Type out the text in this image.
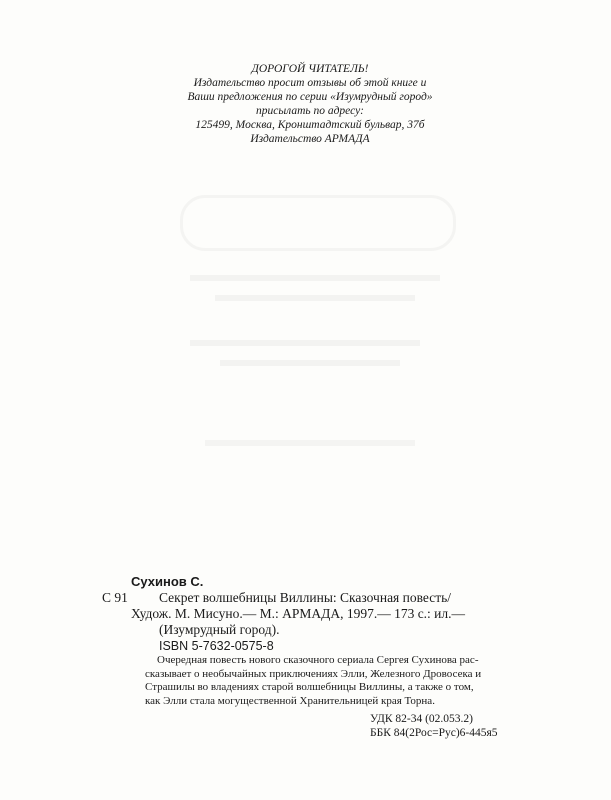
ДОРОГОЙ ЧИТАТЕЛЬ!
Издательство просит отзывы об этой книге и
Ваши предложения по серии «Изумрудный город»
присылать по адресу:
125499, Москва, Кронштадтский бульвар, 37б
Издательство АРМАДА
Сухинов С.
С 91	Секрет волшебницы Виллины: Сказочная повесть/
Худож. М. Мисуно.— М.: АРМАДА, 1997.— 173 с.: ил.—
(Изумрудный город).
ISBN 5-7632-0575-8
Очередная повесть нового сказочного сериала Сергея Сухинова рас-
сказывает о необычайных приключениях Элли, Железного Дровосека и
Страшилы во владениях старой волшебницы Виллины, а также о том,
как Элли стала могущественной Хранительницей края Торна.
УДК 82-34 (02.053.2)
ББК 84(2Рос=Рус)6-445я5
